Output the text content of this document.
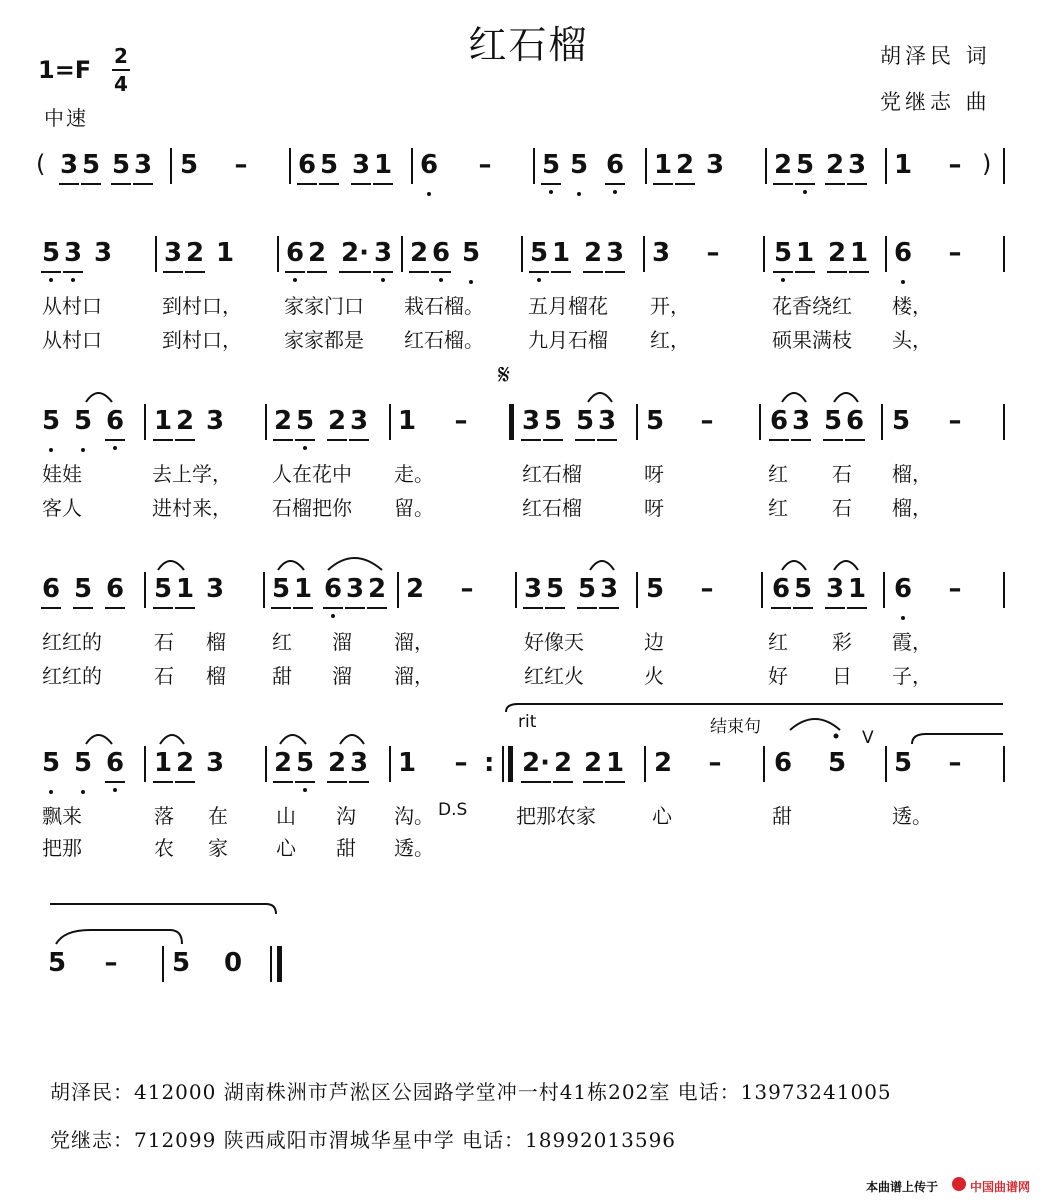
红石榴	胡泽民 词
党继志 曲
1=F 2
4
中速
( 3 5 5 3 5 – 6 5 3 1 6 – 5 5 6 1 2 3 2 5 2 3 1 – )
5 3 3 3 2 1 6 2 2· 3 2 6 5 5 1 2 3 3 – 5 1 2 1 6 –
从村口	到村口， 家家门口 栽石榴。 五月榴花 开，	花香绕红 楼，
从村口	到村口， 家家都是 红石榴。 九月石榴 红，	硕果满枝 头，
𝄋
5 5 6 1 2 3 2 5 2 3 1 – 3 5 5 3 5 – 6 3 5 6 5 –
娃娃	去上学， 人在花中 走。	红石榴	呀	红 石 榴，
客人	进村来， 石榴把你 留。	红石榴	呀	红 石 榴，
6 5 6 5 1 3 5 1 6 3 2 2 – 3 5 5 3 5 – 6 5 3 1 6 –
红红的	石 榴 红 溜 溜，	好像天	边	红 彩 霞，
红红的	石 榴 甜 溜 溜，	红红火	火	好 日 子，
rit	结束句
V
5 5 6 1 2 3 2 5 2 3 1 – : 2· 2 2 1 2 – 6 5 5 –
飘来	落 在 山 沟 沟。 D.S 把那农家	心	甜	透。
把那	农 家 心 甜 透。
5 – 5 0
胡泽民：412000 湖南株洲市芦淞区公园路学堂冲一村41栋202室 电话：13973241005
党继志：712099 陕西咸阳市渭城华星中学 电话：18992013596
本曲谱上传于	中国曲谱网
